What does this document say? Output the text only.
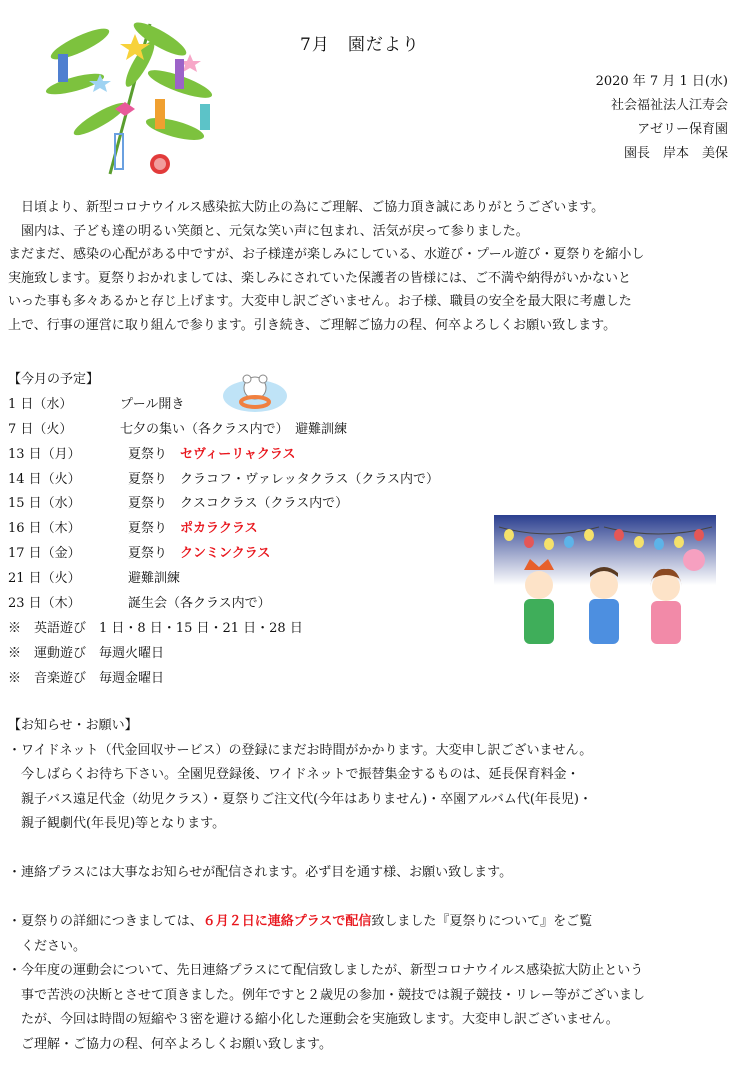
7月　園だより
2020 年 7 月 1 日(水)
社会福祉法人江寿会
アゼリー保育園
園長　岸本　美保

　日頃より、新型コロナウイルス感染拡大防止の為にご理解、ご協力頂き誠にありがとうございます。

　園内は、子ども達の明るい笑顔と、元気な笑い声に包まれ、活気が戻って参りました。

まだまだ、感染の心配がある中ですが、お子様達が楽しみにしている、水遊び・プール遊び・夏祭りを縮小し

実施致します。夏祭りおかれましては、楽しみにされていた保護者の皆様には、ご不満や納得がいかないと

いった事も多々あるかと存じ上げます。大変申し訳ございません。お子様、職員の安全を最大限に考慮した

上で、行事の運営に取り組んで参ります。引き続き、ご理解ご協力の程、何卒よろしくお願い致します。

【今月の予定】
1 日（水）	プール開き
7 日（火）	七夕の集い（各クラス内で）　避難訓練
13 日（月）	夏祭り　セヴィーリャクラス
14 日（火）	夏祭り　クラコフ・ヴァレッタクラス（クラス内で）
15 日（水）	夏祭り　クスコクラス（クラス内で）
16 日（木）	夏祭り　ポカラクラス
17 日（金）	夏祭り　クンミンクラス
21 日（火）	避難訓練
23 日（木）	誕生会（各クラス内で）
※　英語遊び　1 日・8 日・15 日・21 日・28 日
※　運動遊び　毎週火曜日
※　音楽遊び　毎週金曜日

【お知らせ・お願い】

・ワイドネット（代金回収サービス）の登録にまだお時間がかかります。大変申し訳ございません。

　今しばらくお待ち下さい。全園児登録後、ワイドネットで振替集金するものは、延長保育料金・

　親子バス遠足代金（幼児クラス）・夏祭りご注文代(今年はありません)・卒園アルバム代(年長児)・

　親子観劇代(年長児)等となります。

・連絡プラスには大事なお知らせが配信されます。必ず目を通す様、お願い致します。

・夏祭りの詳細につきましては、６月２日に連絡プラスで配信致しました『夏祭りについて』をご覧

　ください。

・今年度の運動会について、先日連絡プラスにて配信致しましたが、新型コロナウイルス感染拡大防止という

　事で苦渋の決断とさせて頂きました。例年ですと２歳児の参加・競技では親子競技・リレー等がございまし

　たが、今回は時間の短縮や３密を避ける縮小化した運動会を実施致します。大変申し訳ございません。

　ご理解・ご協力の程、何卒よろしくお願い致します。
